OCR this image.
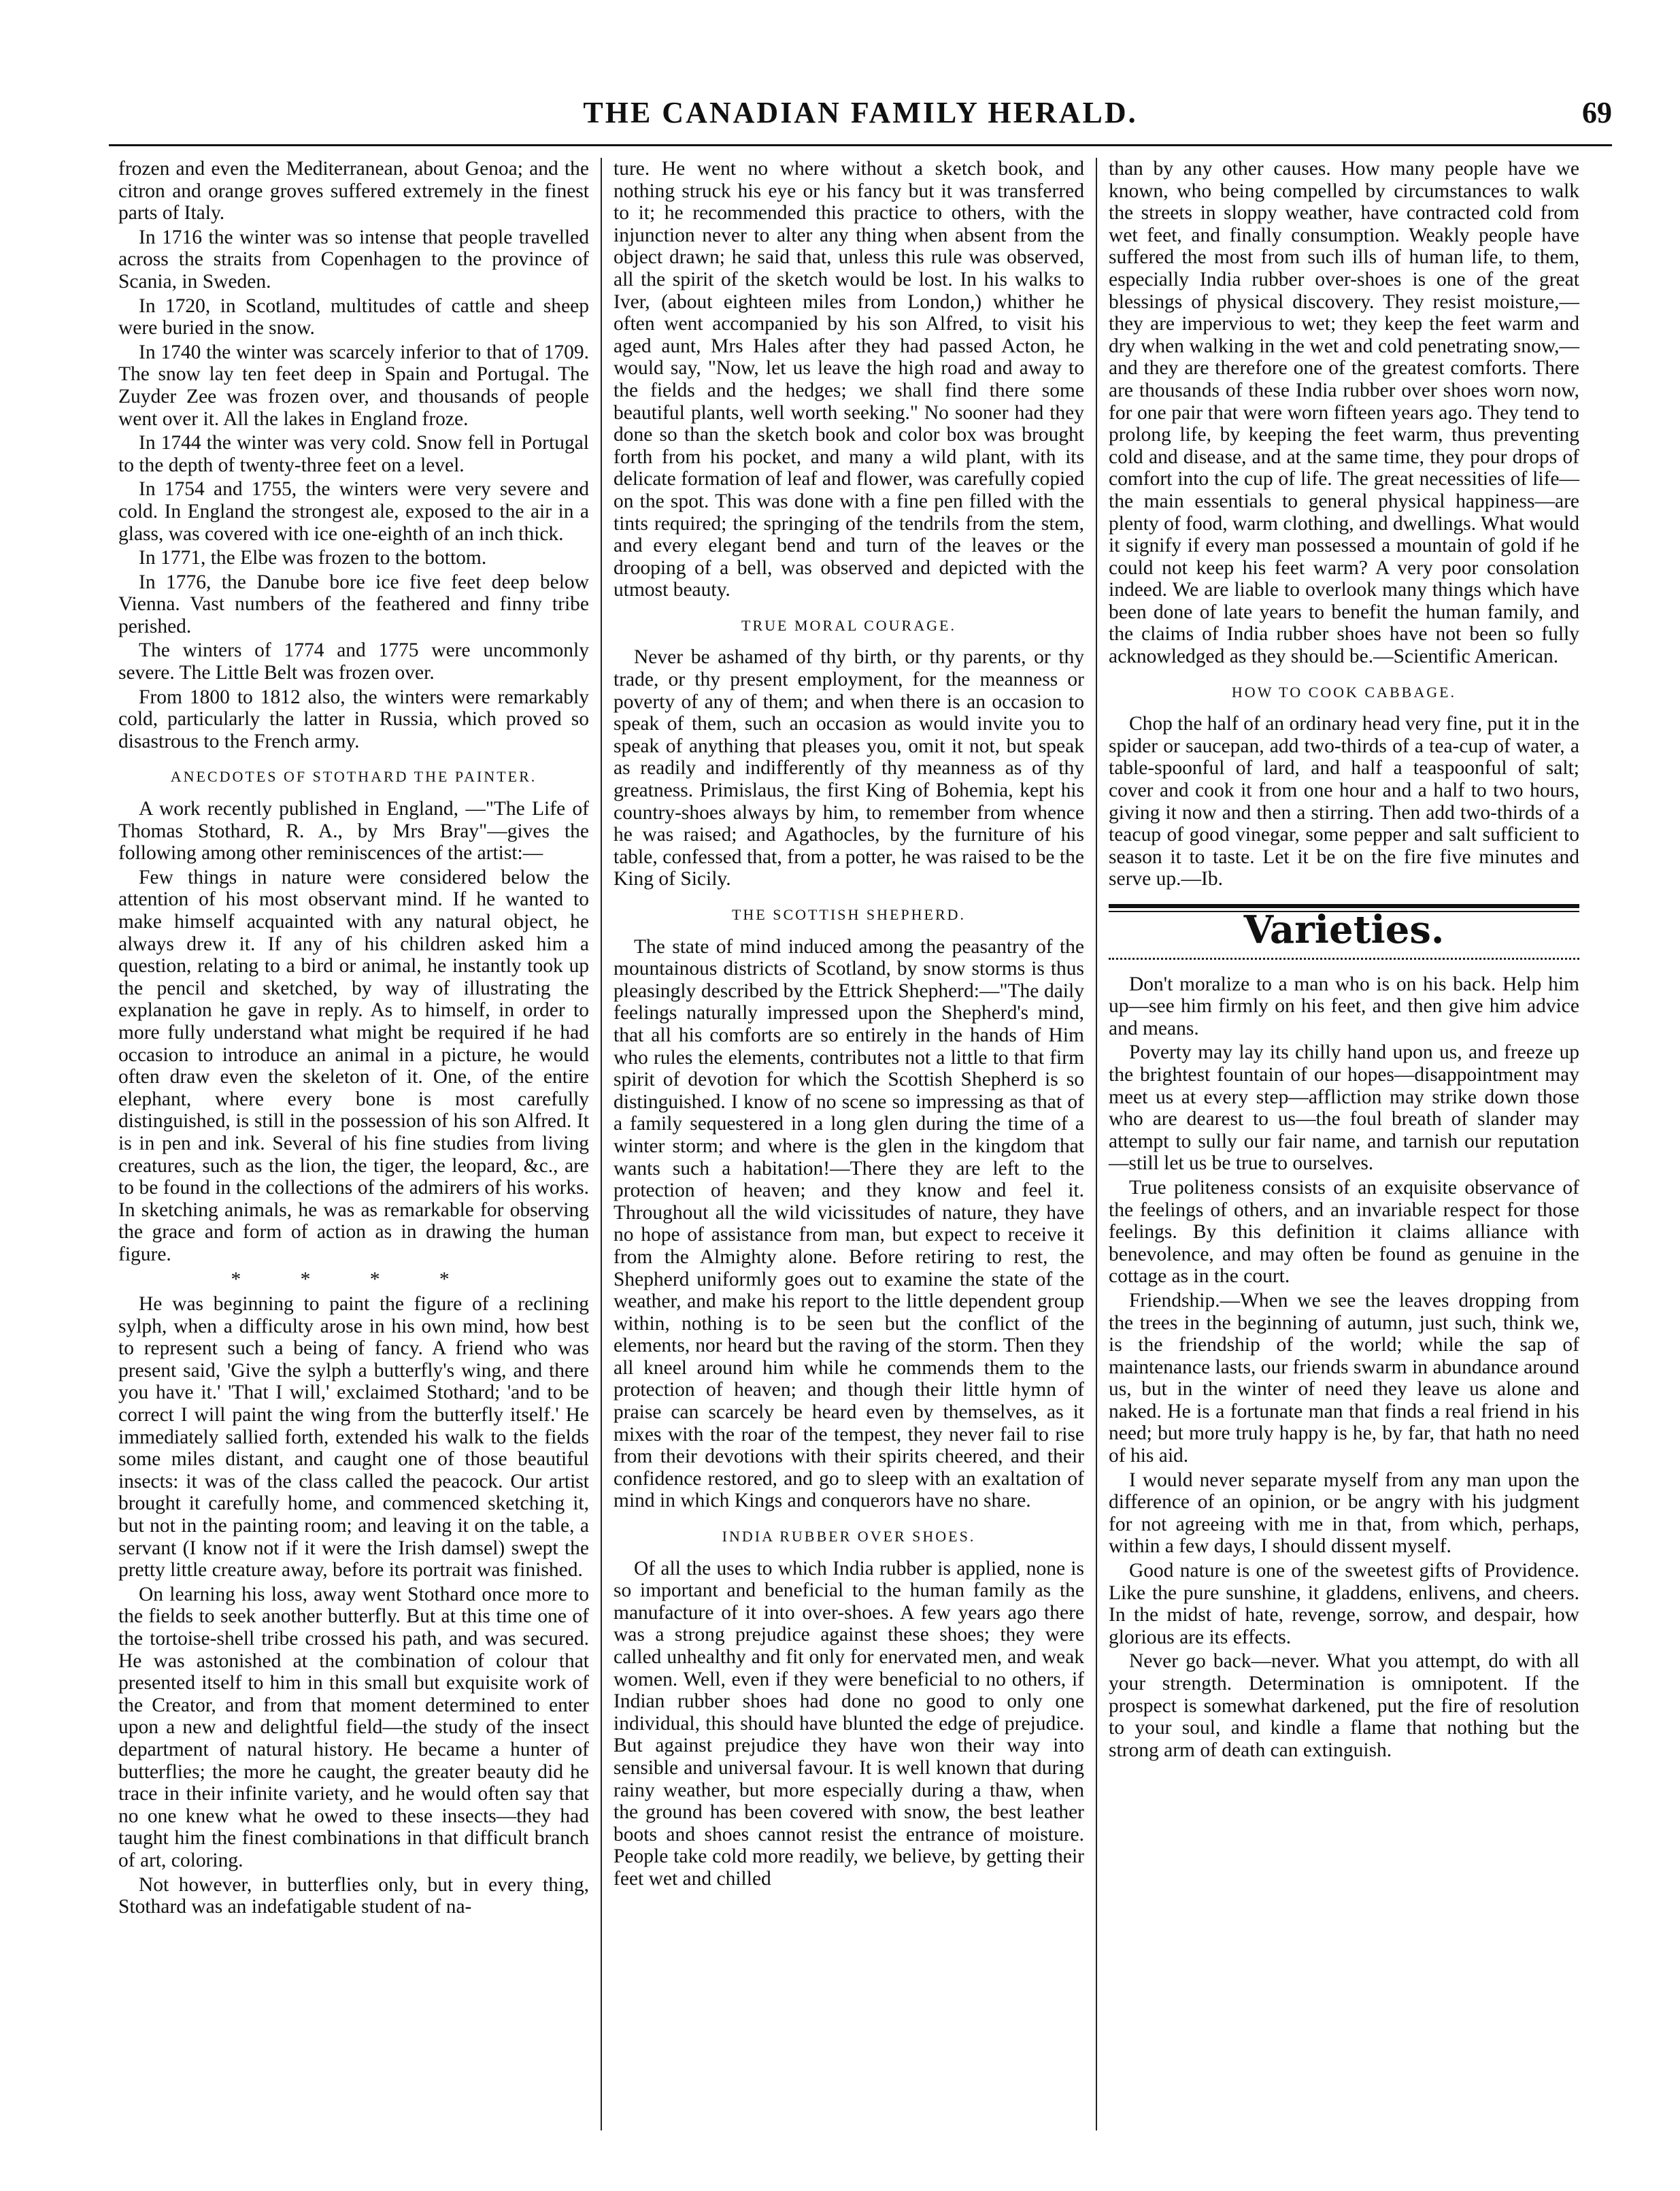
THE CANADIAN FAMILY HERALD.	69

frozen and even the Mediterranean, about Genoa; and the citron and orange groves suffered extremely in the finest parts of Italy.

In 1716 the winter was so intense that people travelled across the straits from Copenhagen to the province of Scania, in Sweden.

In 1720, in Scotland, multitudes of cattle and sheep were buried in the snow.

In 1740 the winter was scarcely inferior to that of 1709. The snow lay ten feet deep in Spain and Portugal. The Zuyder Zee was frozen over, and thousands of people went over it. All the lakes in England froze.

In 1744 the winter was very cold. Snow fell in Portugal to the depth of twenty-three feet on a level.

In 1754 and 1755, the winters were very severe and cold. In England the strongest ale, exposed to the air in a glass, was covered with ice one-eighth of an inch thick.

In 1771, the Elbe was frozen to the bottom.

In 1776, the Danube bore ice five feet deep below Vienna. Vast numbers of the feathered and finny tribe perished.

The winters of 1774 and 1775 were uncommonly severe. The Little Belt was frozen over.

From 1800 to 1812 also, the winters were remarkably cold, particularly the latter in Russia, which proved so disastrous to the French army.

ANECDOTES OF STOTHARD THE PAINTER.

A work recently published in England, —"The Life of Thomas Stothard, R. A., by Mrs Bray"—gives the following among other reminiscences of the artist:—

Few things in nature were considered below the attention of his most observant mind. If he wanted to make himself acquainted with any natural object, he always drew it. If any of his children asked him a question, relating to a bird or animal, he instantly took up the pencil and sketched, by way of illustrating the explanation he gave in reply. As to himself, in order to more fully understand what might be required if he had occasion to introduce an animal in a picture, he would often draw even the skeleton of it. One, of the entire elephant, where every bone is most carefully distinguished, is still in the possession of his son Alfred. It is in pen and ink. Several of his fine studies from living creatures, such as the lion, the tiger, the leopard, &c., are to be found in the collections of the admirers of his works. In sketching animals, he was as remarkable for observing the grace and form of action as in drawing the human figure.

* * * *

He was beginning to paint the figure of a reclining sylph, when a difficulty arose in his own mind, how best to represent such a being of fancy. A friend who was present said, 'Give the sylph a butterfly's wing, and there you have it.' 'That I will,' exclaimed Stothard; 'and to be correct I will paint the wing from the butterfly itself.' He immediately sallied forth, extended his walk to the fields some miles distant, and caught one of those beautiful insects: it was of the class called the peacock. Our artist brought it carefully home, and commenced sketching it, but not in the painting room; and leaving it on the table, a servant (I know not if it were the Irish damsel) swept the pretty little creature away, before its portrait was finished.

On learning his loss, away went Stothard once more to the fields to seek another butterfly. But at this time one of the tortoise-shell tribe crossed his path, and was secured. He was astonished at the combination of colour that presented itself to him in this small but exquisite work of the Creator, and from that moment determined to enter upon a new and delightful field—the study of the insect department of natural history. He became a hunter of butterflies; the more he caught, the greater beauty did he trace in their infinite variety, and he would often say that no one knew what he owed to these insects—they had taught him the finest combinations in that difficult branch of art, coloring.

Not however, in butterflies only, but in every thing, Stothard was an indefatigable student of na-

ture. He went no where without a sketch book, and nothing struck his eye or his fancy but it was transferred to it; he recommended this practice to others, with the injunction never to alter any thing when absent from the object drawn; he said that, unless this rule was observed, all the spirit of the sketch would be lost. In his walks to Iver, (about eighteen miles from London,) whither he often went accompanied by his son Alfred, to visit his aged aunt, Mrs Hales after they had passed Acton, he would say, "Now, let us leave the high road and away to the fields and the hedges; we shall find there some beautiful plants, well worth seeking." No sooner had they done so than the sketch book and color box was brought forth from his pocket, and many a wild plant, with its delicate formation of leaf and flower, was carefully copied on the spot. This was done with a fine pen filled with the tints required; the springing of the tendrils from the stem, and every elegant bend and turn of the leaves or the drooping of a bell, was observed and depicted with the utmost beauty.

TRUE MORAL COURAGE.

Never be ashamed of thy birth, or thy parents, or thy trade, or thy present employment, for the meanness or poverty of any of them; and when there is an occasion to speak of them, such an occasion as would invite you to speak of anything that pleases you, omit it not, but speak as readily and indifferently of thy meanness as of thy greatness. Primislaus, the first King of Bohemia, kept his country-shoes always by him, to remember from whence he was raised; and Agathocles, by the furniture of his table, confessed that, from a potter, he was raised to be the King of Sicily.

THE SCOTTISH SHEPHERD.

The state of mind induced among the peasantry of the mountainous districts of Scotland, by snow storms is thus pleasingly described by the Ettrick Shepherd:—"The daily feelings naturally impressed upon the Shepherd's mind, that all his comforts are so entirely in the hands of Him who rules the elements, contributes not a little to that firm spirit of devotion for which the Scottish Shepherd is so distinguished. I know of no scene so impressing as that of a family sequestered in a long glen during the time of a winter storm; and where is the glen in the kingdom that wants such a habitation!—There they are left to the protection of heaven; and they know and feel it. Throughout all the wild vicissitudes of nature, they have no hope of assistance from man, but expect to receive it from the Almighty alone. Before retiring to rest, the Shepherd uniformly goes out to examine the state of the weather, and make his report to the little dependent group within, nothing is to be seen but the conflict of the elements, nor heard but the raving of the storm. Then they all kneel around him while he commends them to the protection of heaven; and though their little hymn of praise can scarcely be heard even by themselves, as it mixes with the roar of the tempest, they never fail to rise from their devotions with their spirits cheered, and their confidence restored, and go to sleep with an exaltation of mind in which Kings and conquerors have no share.

INDIA RUBBER OVER SHOES.

Of all the uses to which India rubber is applied, none is so important and beneficial to the human family as the manufacture of it into over-shoes. A few years ago there was a strong prejudice against these shoes; they were called unhealthy and fit only for enervated men, and weak women. Well, even if they were beneficial to no others, if Indian rubber shoes had done no good to only one individual, this should have blunted the edge of prejudice. But against prejudice they have won their way into sensible and universal favour. It is well known that during rainy weather, but more especially during a thaw, when the ground has been covered with snow, the best leather boots and shoes cannot resist the entrance of moisture. People take cold more readily, we believe, by getting their feet wet and chilled

than by any other causes. How many people have we known, who being compelled by circumstances to walk the streets in sloppy weather, have contracted cold from wet feet, and finally consumption. Weakly people have suffered the most from such ills of human life, to them, especially India rubber over-shoes is one of the great blessings of physical discovery. They resist moisture,—they are impervious to wet; they keep the feet warm and dry when walking in the wet and cold penetrating snow,—and they are therefore one of the greatest comforts. There are thousands of these India rubber over shoes worn now, for one pair that were worn fifteen years ago. They tend to prolong life, by keeping the feet warm, thus preventing cold and disease, and at the same time, they pour drops of comfort into the cup of life. The great necessities of life—the main essentials to general physical happiness—are plenty of food, warm clothing, and dwellings. What would it signify if every man possessed a mountain of gold if he could not keep his feet warm? A very poor consolation indeed. We are liable to overlook many things which have been done of late years to benefit the human family, and the claims of India rubber shoes have not been so fully acknowledged as they should be.—Scientific American.

HOW TO COOK CABBAGE.

Chop the half of an ordinary head very fine, put it in the spider or saucepan, add two-thirds of a tea-cup of water, a table-spoonful of lard, and half a teaspoonful of salt; cover and cook it from one hour and a half to two hours, giving it now and then a stirring. Then add two-thirds of a teacup of good vinegar, some pepper and salt sufficient to season it to taste. Let it be on the fire five minutes and serve up.—Ib.

Varieties.

Don't moralize to a man who is on his back. Help him up—see him firmly on his feet, and then give him advice and means.

Poverty may lay its chilly hand upon us, and freeze up the brightest fountain of our hopes—disappointment may meet us at every step—affliction may strike down those who are dearest to us—the foul breath of slander may attempt to sully our fair name, and tarnish our reputation—still let us be true to ourselves.

True politeness consists of an exquisite observance of the feelings of others, and an invariable respect for those feelings. By this definition it claims alliance with benevolence, and may often be found as genuine in the cottage as in the court.

Friendship.—When we see the leaves dropping from the trees in the beginning of autumn, just such, think we, is the friendship of the world; while the sap of maintenance lasts, our friends swarm in abundance around us, but in the winter of need they leave us alone and naked. He is a fortunate man that finds a real friend in his need; but more truly happy is he, by far, that hath no need of his aid.

I would never separate myself from any man upon the difference of an opinion, or be angry with his judgment for not agreeing with me in that, from which, perhaps, within a few days, I should dissent myself.

Good nature is one of the sweetest gifts of Providence. Like the pure sunshine, it gladdens, enlivens, and cheers. In the midst of hate, revenge, sorrow, and despair, how glorious are its effects.

Never go back—never. What you attempt, do with all your strength. Determination is omnipotent. If the prospect is somewhat darkened, put the fire of resolution to your soul, and kindle a flame that nothing but the strong arm of death can extinguish.
